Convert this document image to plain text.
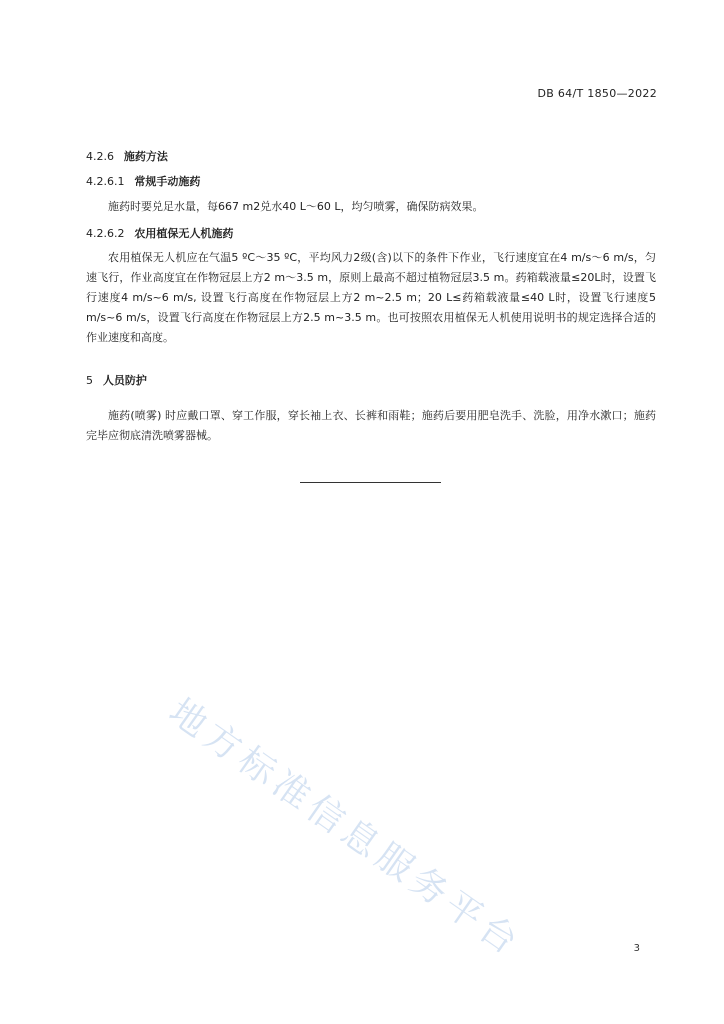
DB 64/T 1850—2022
4.2.6 施药方法
4.2.6.1 常规手动施药

施药时要兑足水量，每667 m2兑水40 L～60 L，均匀喷雾，确保防病效果。

4.2.6.2 农用植保无人机施药

农用植保无人机应在气温5 ºC～35 ºC，平均风力2级(含)以下的条件下作业，飞行速度宜在4 m/s～6 m/s，匀速飞行，作业高度宜在作物冠层上方2 m～3.5 m，原则上最高不超过植物冠层3.5 m。药箱载液量≤20L时，设置飞行速度4 m/s~6 m/s, 设置飞行高度在作物冠层上方2 m~2.5 m；20 L≤药箱载液量≤40 L时，设置飞行速度5 m/s~6 m/s，设置飞行高度在作物冠层上方2.5 m~3.5 m。也可按照农用植保无人机使用说明书的规定选择合适的作业速度和高度。

5 人员防护

施药(喷雾) 时应戴口罩、穿工作服，穿长袖上衣、长裤和雨鞋；施药后要用肥皂洗手、洗脸，用净水漱口；施药完毕应彻底清洗喷雾器械。

地方标准信息服务平台	3
